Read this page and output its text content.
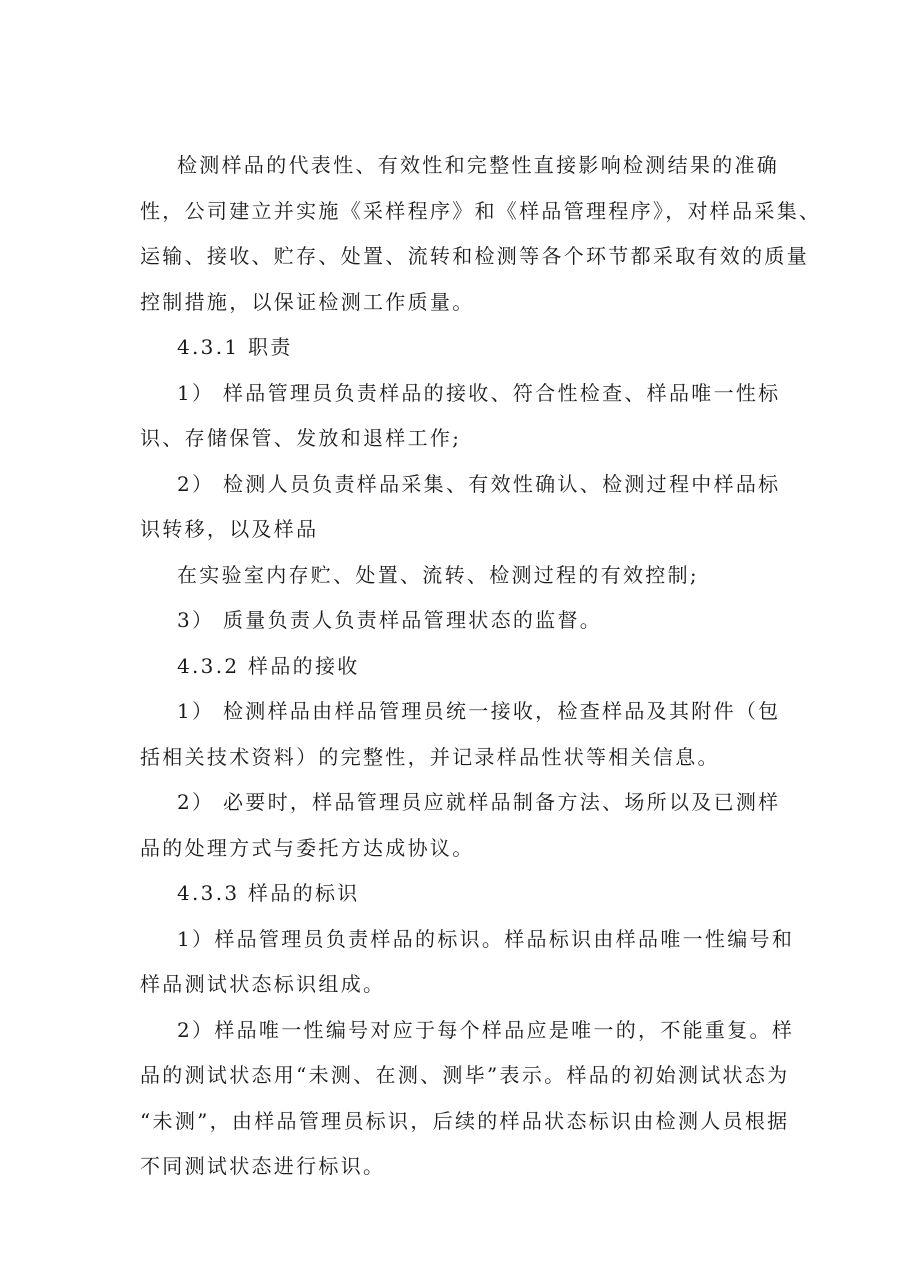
检测样品的代表性、有效性和完整性直接影响检测结果的准确
性，公司建立并实施《采样程序》和《样品管理程序》，对样品采集、
运输、接收、贮存、处置、流转和检测等各个环节都采取有效的质量
控制措施，以保证检测工作质量。
4.3.1 职责
1） 样品管理员负责样品的接收、符合性检查、样品唯一性标
识、存储保管、发放和退样工作;
2） 检测人员负责样品采集、有效性确认、检测过程中样品标
识转移，以及样品
在实验室内存贮、处置、流转、检测过程的有效控制;
3） 质量负责人负责样品管理状态的监督。
4.3.2 样品的接收
1） 检测样品由样品管理员统一接收，检查样品及其附件（包
括相关技术资料）的完整性，并记录样品性状等相关信息。
2） 必要时，样品管理员应就样品制备方法、场所以及已测样
品的处理方式与委托方达成协议。
4.3.3 样品的标识
1）样品管理员负责样品的标识。样品标识由样品唯一性编号和
样品测试状态标识组成。
2）样品唯一性编号对应于每个样品应是唯一的，不能重复。样
品的测试状态用“未测、在测、测毕”表示。样品的初始测试状态为
“未测”，由样品管理员标识，后续的样品状态标识由检测人员根据
不同测试状态进行标识。
